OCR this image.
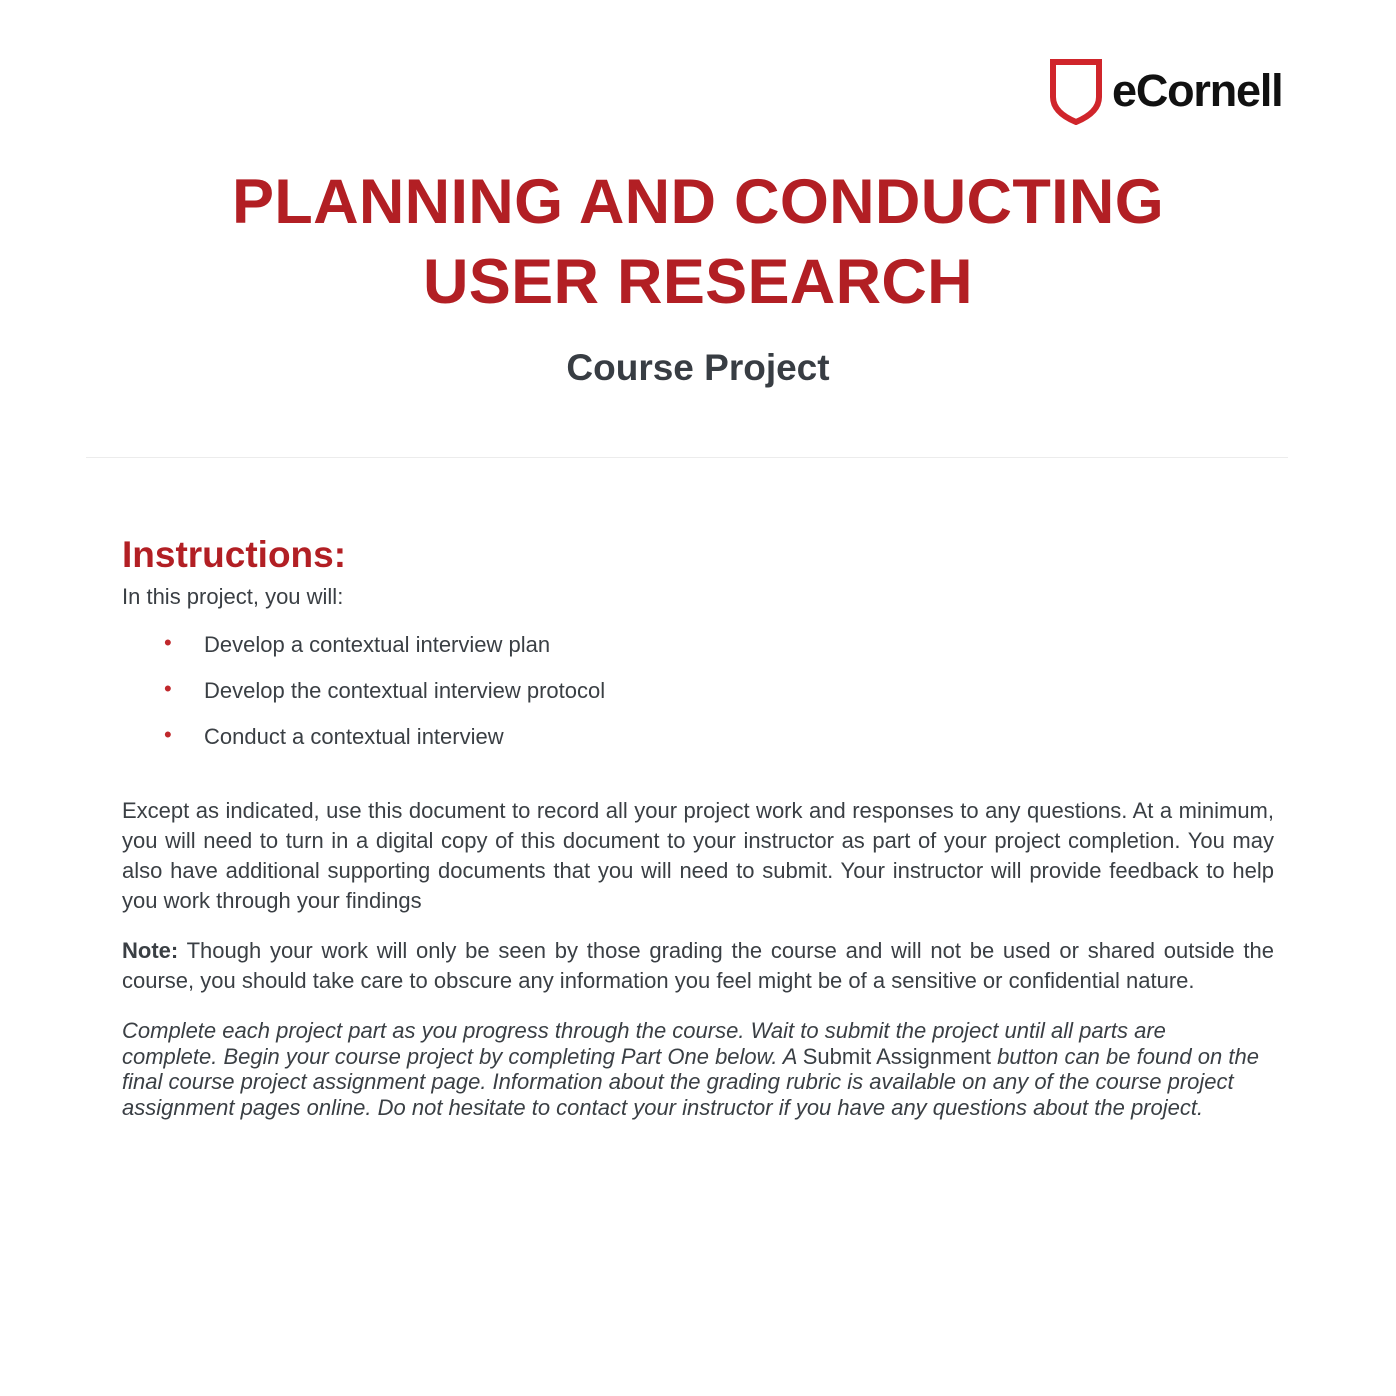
eCornell
PLANNING AND CONDUCTING
USER RESEARCH
Course Project
Instructions:

In this project, you will:

• Develop a contextual interview plan
• Develop the contextual interview protocol
• Conduct a contextual interview

Except as indicated, use this document to record all your project work and responses to any questions. At a minimum, you will need to turn in a digital copy of this document to your instructor as part of your project completion. You may also have additional supporting documents that you will need to submit. Your instructor will provide feedback to help you work through your findings

Note: Though your work will only be seen by those grading the course and will not be used or shared outside the course, you should take care to obscure any information you feel might be of a sensitive or confidential nature.

Complete each project part as you progress through the course. Wait to submit the project until all parts are complete. Begin your course project by completing Part One below. A Submit Assignment button can be found on the final course project assignment page. Information about the grading rubric is available on any of the course project assignment pages online. Do not hesitate to contact your instructor if you have any questions about the project.
